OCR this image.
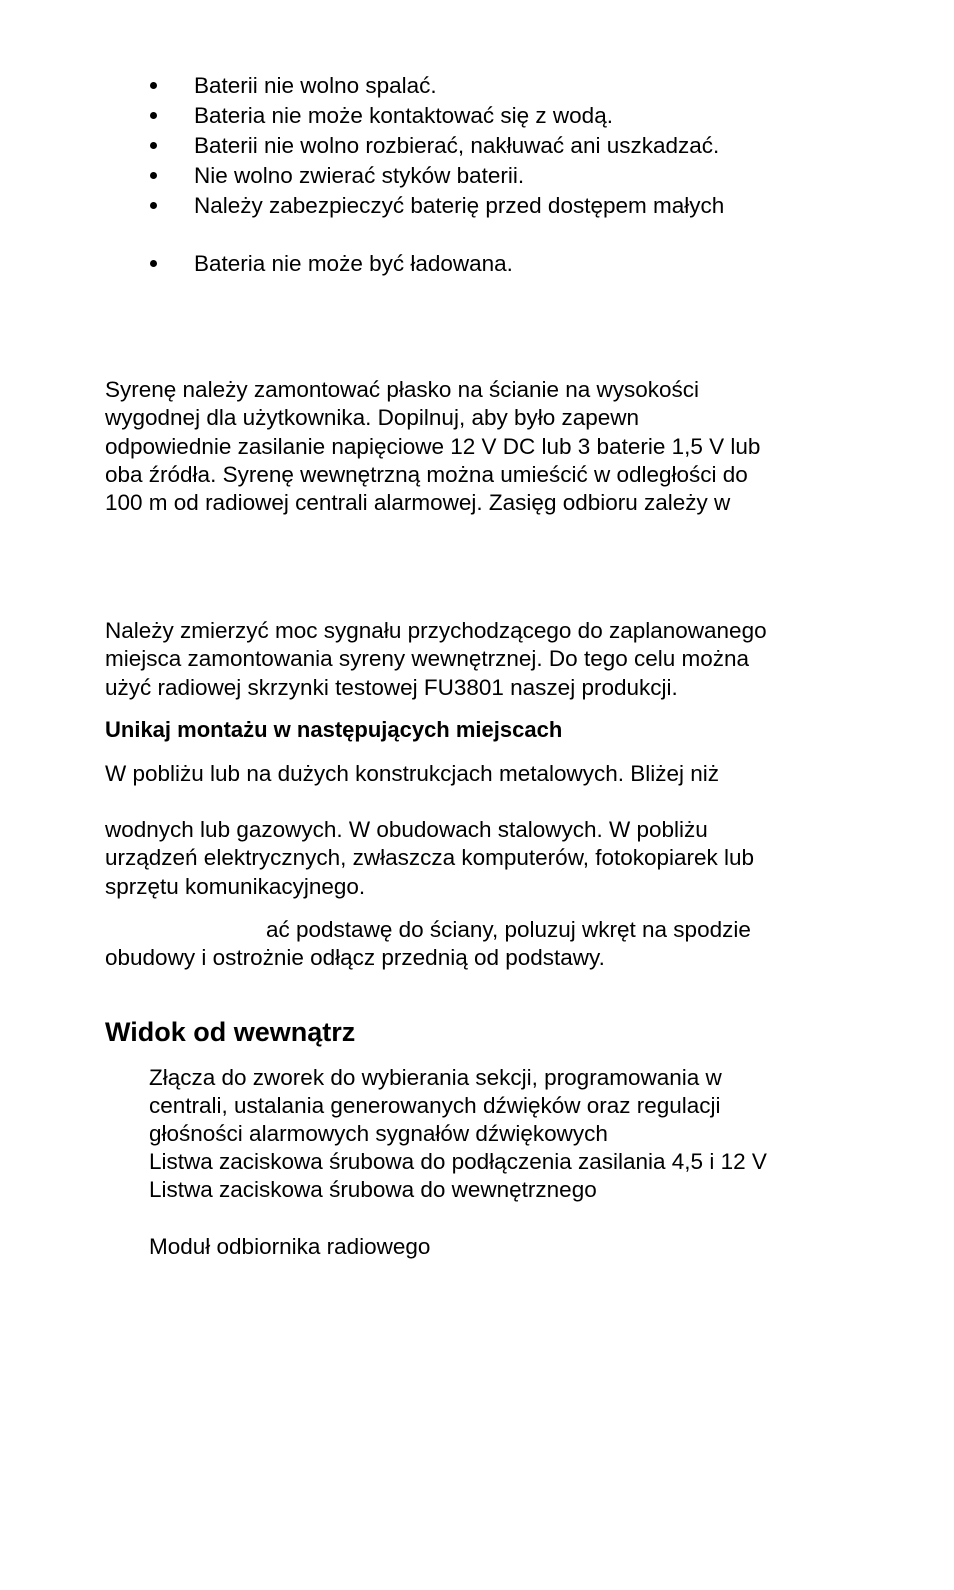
Baterii nie wolno spalać.
Bateria nie może kontaktować się z wodą.
Baterii nie wolno rozbierać, nakłuwać ani uszkadzać.
Nie wolno zwierać styków baterii.
Należy zabezpieczyć baterię przed dostępem małych
Bateria nie może być ładowana.

Syrenę należy zamontować płasko na ścianie na wysokości
wygodnej dla użytkownika. Dopilnuj, aby było zapewn
odpowiednie zasilanie napięciowe 12 V DC lub 3 baterie 1,5 V lub
oba źródła. Syrenę wewnętrzną można umieścić w odległości do
100 m od radiowej centrali alarmowej. Zasięg odbioru zależy w

Należy zmierzyć moc sygnału przychodzącego do zaplanowanego
miejsca zamontowania syreny wewnętrznej. Do tego celu można
użyć radiowej skrzynki testowej FU3801 naszej produkcji.

Unikaj montażu w następujących miejscach

W pobliżu lub na dużych konstrukcjach metalowych. Bliżej niż

wodnych lub gazowych. W obudowach stalowych. W pobliżu
urządzeń elektrycznych, zwłaszcza komputerów, fotokopiarek lub
sprzętu komunikacyjnego.

ać podstawę do ściany, poluzuj wkręt na spodzie

obudowy i ostrożnie odłącz przednią od podstawy.

Widok od wewnątrz
Złącza do zworek do wybierania sekcji, programowania w
centrali, ustalania generowanych dźwięków oraz regulacji
głośności alarmowych sygnałów dźwiękowych
Listwa zaciskowa śrubowa do podłączenia zasilania 4,5 i 12 V
Listwa zaciskowa śrubowa do wewnętrznego

Moduł odbiornika radiowego
